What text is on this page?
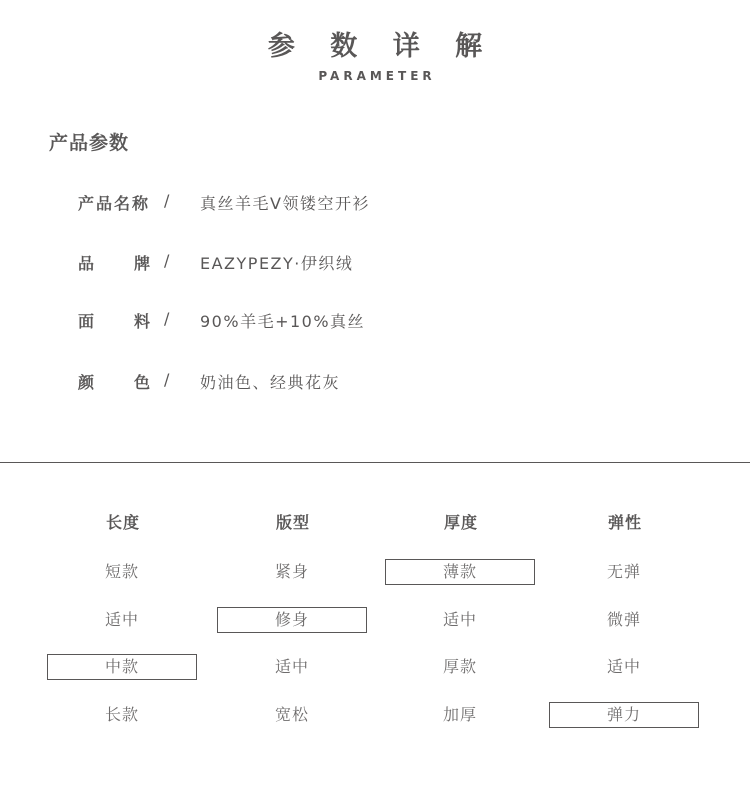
参 数 详 解
PARAMETER
产品参数
产品名称 / 真丝羊毛V领镂空开衫
品 牌 / EAZYPEZY·伊织绒
面 料 / 90%羊毛+10%真丝
颜 色 / 奶油色、经典花灰
长度
短款
适中
中款
长款
版型
紧身
修身
适中
宽松
厚度
薄款
适中
厚款
加厚
弹性
无弹
微弹
适中
弹力
